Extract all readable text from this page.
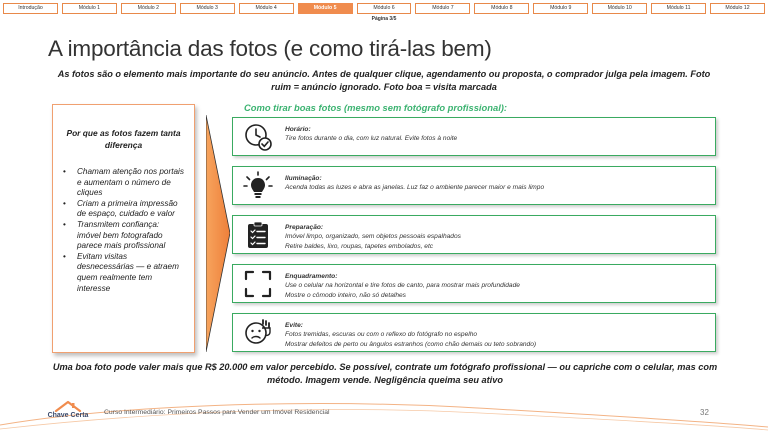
Introdução	Módulo 1	Módulo 2	Módulo 3	Módulo 4	Módulo 5	Módulo 6	Módulo 7	Módulo 8	Módulo 9	Módulo 10	Módulo 11	Módulo 12
Página 3/5
A importância das fotos (e como tirá-las bem)
As fotos são o elemento mais importante do seu anúncio. Antes de qualquer clique, agendamento ou proposta, o comprador julga pela imagem. Foto ruim = anúncio ignorado. Foto boa = visita marcada
Por que as fotos fazem tanta diferença
• Chamam atenção nos portais e aumentam o número de cliques
• Criam a primeira impressão de espaço, cuidado e valor
• Transmitem confiança: imóvel bem fotografado parece mais profissional
• Evitam visitas desnecessárias — e atraem quem realmente tem interesse
Como tirar boas fotos (mesmo sem fotógrafo profissional):
Horário:
Tire fotos durante o dia, com luz natural. Evite fotos à noite
Iluminação:
Acenda todas as luzes e abra as janelas. Luz faz o ambiente parecer maior e mais limpo
Preparação:
Imóvel limpo, organizado, sem objetos pessoais espalhados
Retire baldes, lixo, roupas, tapetes embolados, etc
Enquadramento:
Use o celular na horizontal e tire fotos de canto, para mostrar mais profundidade
Mostre o cômodo inteiro, não só detalhes
Evite:
Fotos tremidas, escuras ou com o reflexo do fotógrafo no espelho
Mostrar defeitos de perto ou ângulos estranhos (como chão demais ou teto sobrando)
Uma boa foto pode valer mais que R$ 20.000 em valor percebido. Se possível, contrate um fotógrafo profissional — ou capriche com o celular, mas com método. Imagem vende. Negligência queima seu ativo
Chave Certa	Curso Intermediário: Primeiros Passos para Vender um Imóvel Residencial	32
